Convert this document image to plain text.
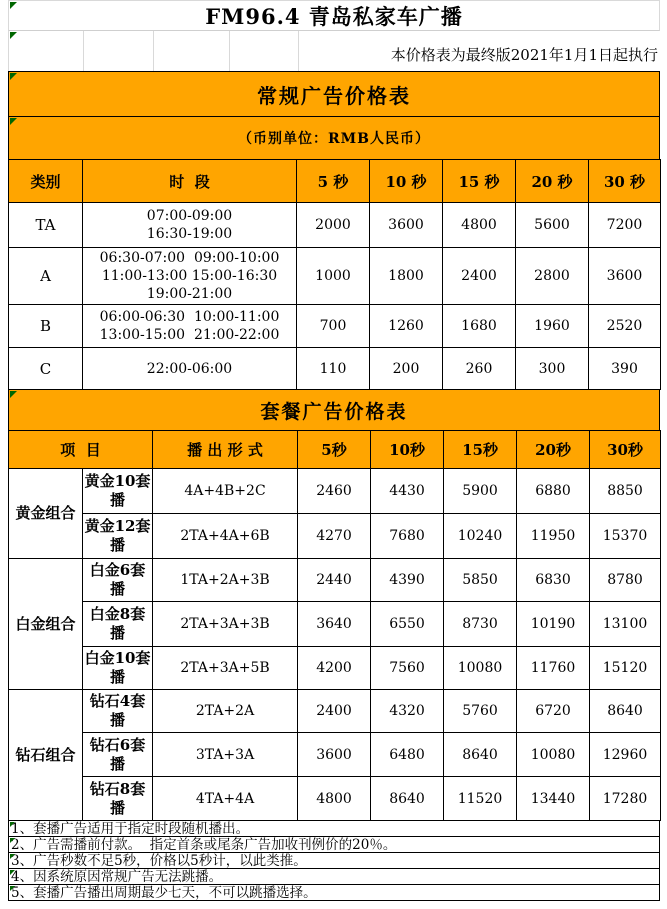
FM96.4 青岛私家车广播
本价格表为最终版2021年1月1日起执行
常规广告价格表
（币别单位：RMB人民币）
类别	时  段	5 秒	10 秒	15 秒	20 秒	30 秒
TA	07:00-09:00
16:30-19:00	2000	3600	4800	5600	7200
A	06:30-07:00  09:00-10:00
11:00-13:00 15:00-16:30
19:00-21:00	1000	1800	2400	2800	3600
B	06:00-06:30  10:00-11:00
13:00-15:00  21:00-22:00	700	1260	1680	1960	2520
C	22:00-06:00	110	200	260	300	390
套餐广告价格表
项  目		播 出 形 式	5秒	10秒	15秒	20秒	30秒
黄金组合	黄金10套播	4A+4B+2C	2460	4430	5900	6880	8850
	黄金12套播	2TA+4A+6B	4270	7680	10240	11950	15370
白金组合	白金6套播	1TA+2A+3B	2440	4390	5850	6830	8780
	白金8套播	2TA+3A+3B	3640	6550	8730	10190	13100
	白金10套播	2TA+3A+5B	4200	7560	10080	11760	15120
钻石组合	钻石4套播	2TA+2A	2400	4320	5760	6720	8640
	钻石6套播	3TA+3A	3600	6480	8640	10080	12960
	钻石8套播	4TA+4A	4800	8640	11520	13440	17280
1、套播广告适用于指定时段随机播出。
2、广告需播前付款。  指定首条或尾条广告加收刊例价的20％。
3、广告秒数不足5秒，价格以5秒计，以此类推。
4、因系统原因常规广告无法跳播。
5、套播广告播出周期最少七天，不可以跳播选择。
